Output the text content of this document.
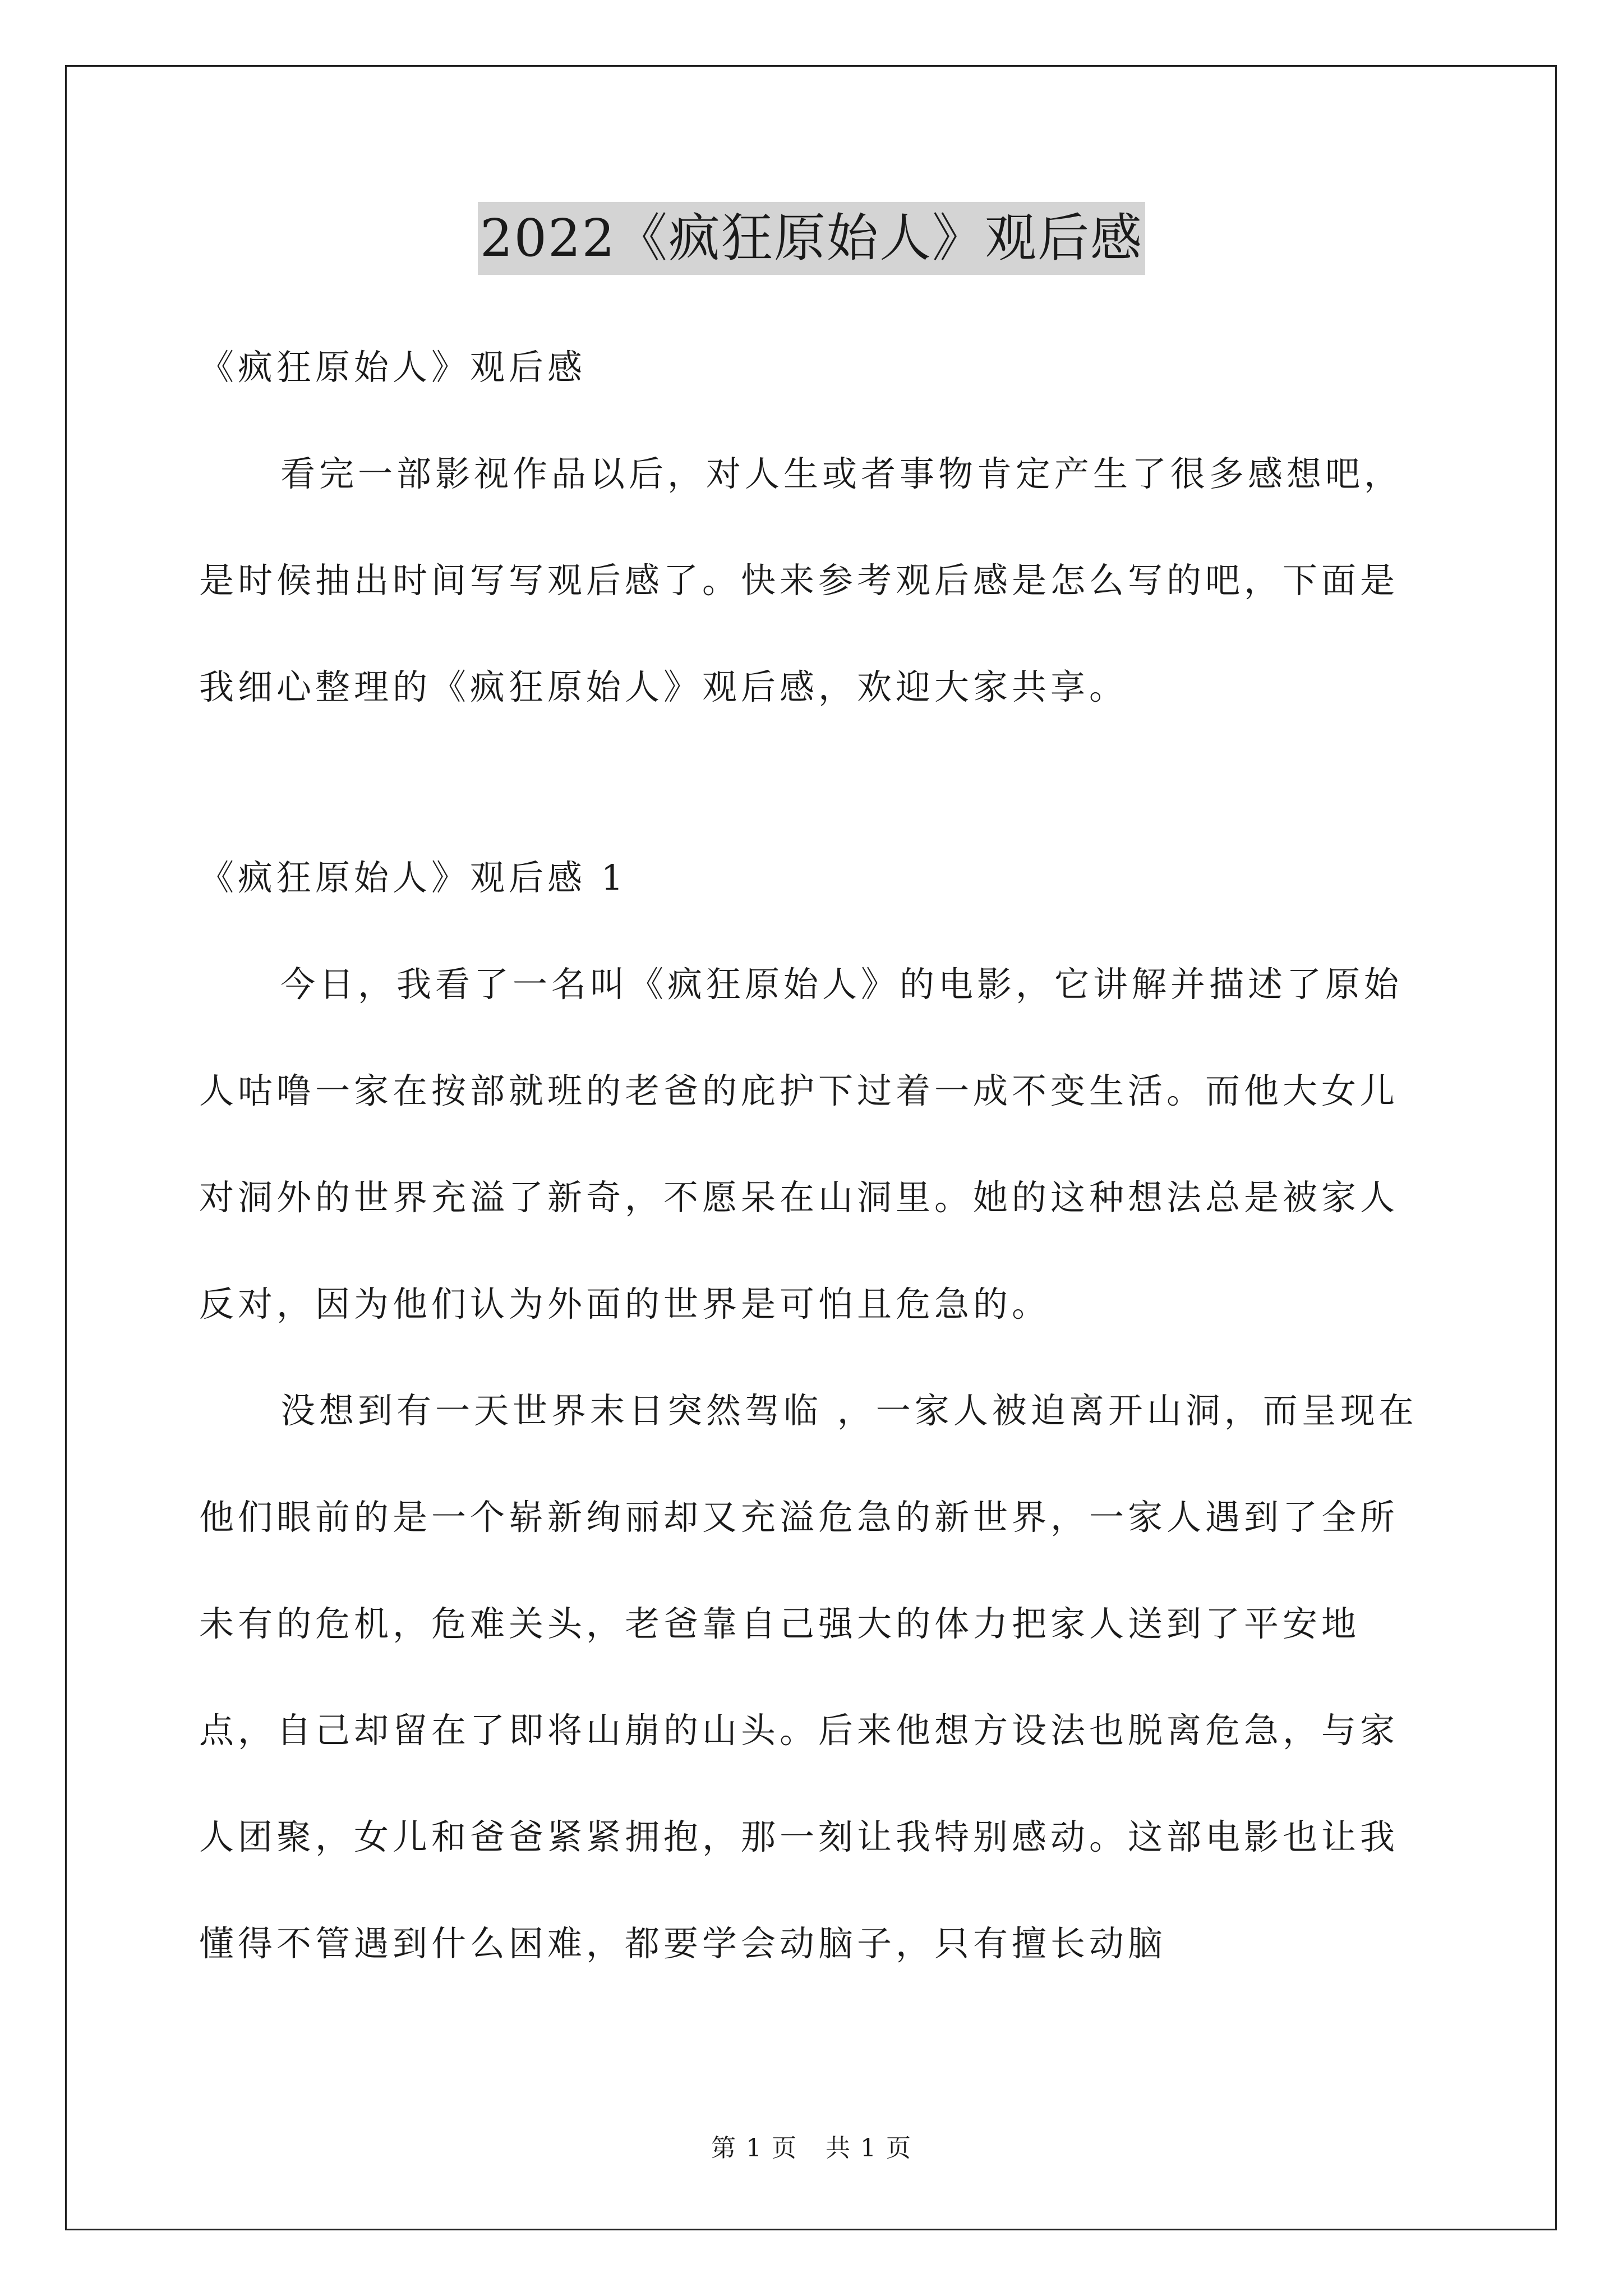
2022《疯狂原始人》观后感

《疯狂原始人》观后感

看完一部影视作品以后，对人生或者事物肯定产生了很多感想吧，是时候抽出时间写写观后感了。快来参考观后感是怎么写的吧，下面是我细心整理的《疯狂原始人》观后感，欢迎大家共享。

《疯狂原始人》观后感 1

今日，我看了一名叫《疯狂原始人》的电影，它讲解并描述了原始人咕噜一家在按部就班的老爸的庇护下过着一成不变生活。而他大女儿对洞外的世界充溢了新奇，不愿呆在山洞里。她的这种想法总是被家人反对，因为他们认为外面的世界是可怕且危急的。

没想到有一天世界末日突然驾临 ，一家人被迫离开山洞，而呈现在他们眼前的是一个崭新绚丽却又充溢危急的新世界，一家人遇到了全所未有的危机，危难关头，老爸靠自己强大的体力把家人送到了平安地点，自己却留在了即将山崩的山头。后来他想方设法也脱离危急，与家人团聚，女儿和爸爸紧紧拥抱，那一刻让我特别感动。这部电影也让我懂得不管遇到什么困难，都要学会动脑子，只有擅长动脑

第 1 页 共 1 页
